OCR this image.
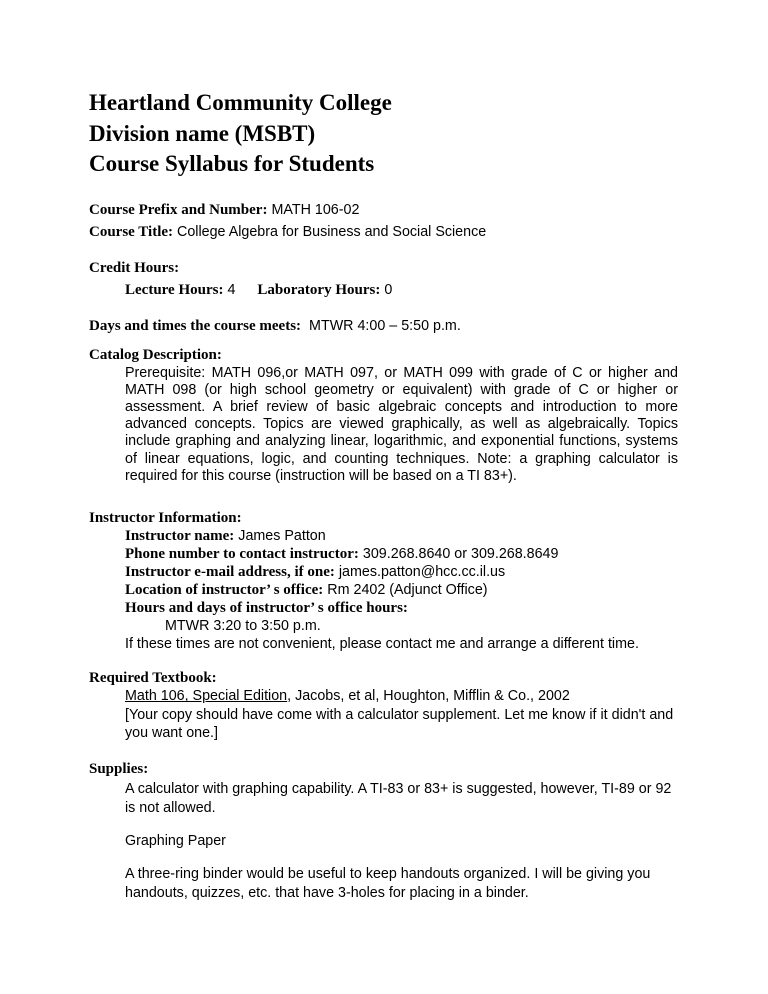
Heartland Community College
Division name (MSBT)
Course Syllabus for Students
Course Prefix and Number: MATH 106-02
Course Title: College Algebra for Business and Social Science
Credit Hours:
Lecture Hours: 4 Laboratory Hours: 0
Days and times the course meets: MTWR 4:00 – 5:50 p.m.
Catalog Description:
Prerequisite: MATH 096,or MATH 097, or MATH 099 with grade of C or higher and MATH 098 (or high school geometry or equivalent) with grade of C or higher or assessment. A brief review of basic algebraic concepts and introduction to more advanced concepts. Topics are viewed graphically, as well as algebraically. Topics include graphing and analyzing linear, logarithmic, and exponential functions, systems of linear equations, logic, and counting techniques. Note: a graphing calculator is required for this course (instruction will be based on a TI 83+).
Instructor Information:
Instructor name: James Patton
Phone number to contact instructor: 309.268.8640 or 309.268.8649
Instructor e-mail address, if one: james.patton@hcc.cc.il.us
Location of instructor’ s office: Rm 2402 (Adjunct Office)
Hours and days of instructor’ s office hours:
MTWR 3:20 to 3:50 p.m.
If these times are not convenient, please contact me and arrange a different time.
Required Textbook:
Math 106, Special Edition, Jacobs, et al, Houghton, Mifflin & Co., 2002
[Your copy should have come with a calculator supplement. Let me know if it didn't and you want one.]
Supplies:
A calculator with graphing capability. A TI-83 or 83+ is suggested, however, TI-89 or 92 is not allowed.
Graphing Paper
A three-ring binder would be useful to keep handouts organized. I will be giving you handouts, quizzes, etc. that have 3-holes for placing in a binder.
